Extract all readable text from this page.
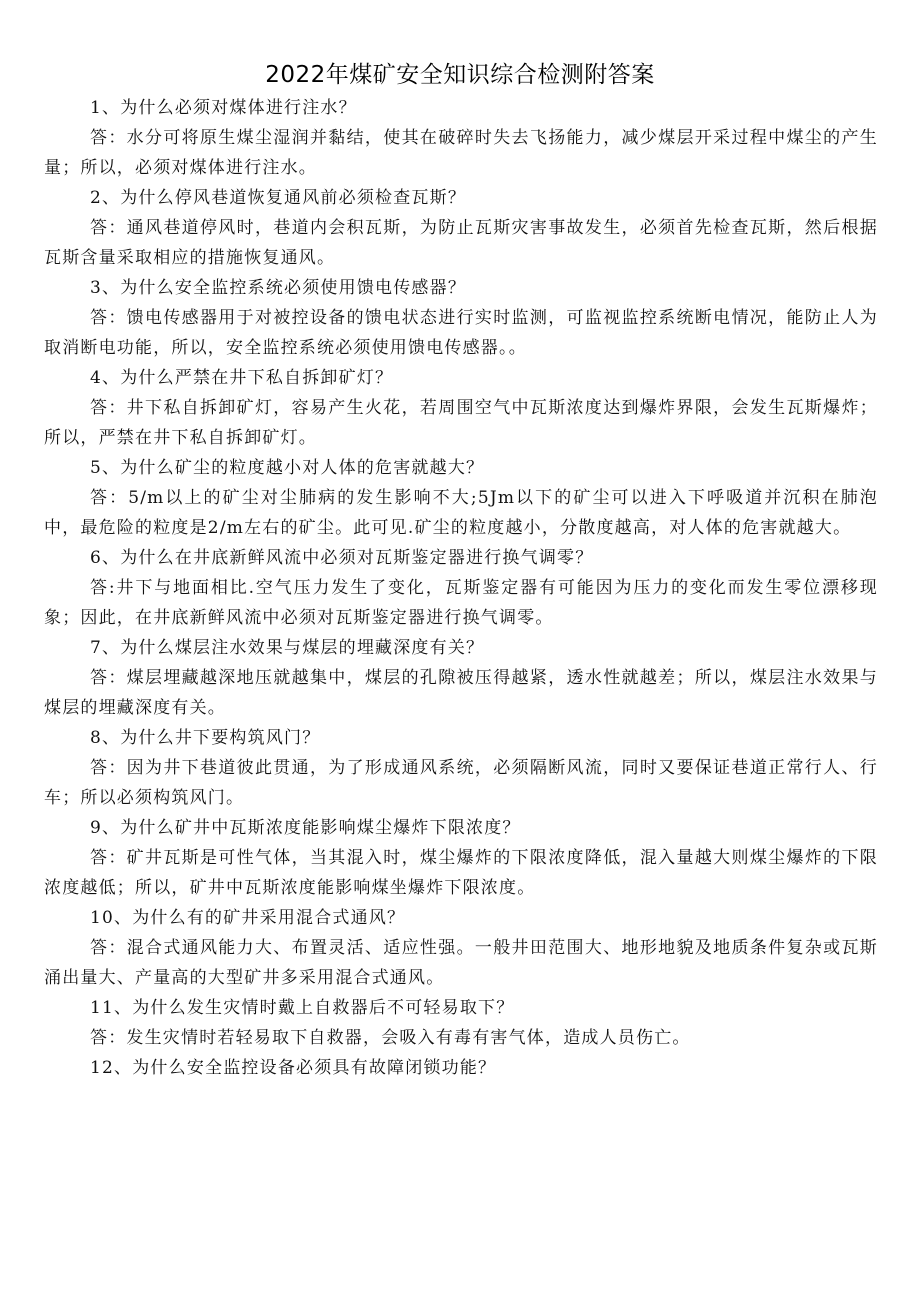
2022年煤矿安全知识综合检测附答案

1、为什么必须对煤体进行注水？

答：水分可将原生煤尘湿润并黏结，使其在破碎时失去飞扬能力，减少煤层开采过程中煤尘的产生量；所以，必须对煤体进行注水。

2、为什么停风巷道恢复通风前必须检查瓦斯？

答：通风巷道停风时，巷道内会积瓦斯，为防止瓦斯灾害事故发生，必须首先检查瓦斯，然后根据瓦斯含量采取相应的措施恢复通风。

3、为什么安全监控系统必须使用馈电传感器？

答：馈电传感器用于对被控设备的馈电状态进行实时监测，可监视监控系统断电情况，能防止人为取消断电功能，所以，安全监控系统必须使用馈电传感器。。

4、为什么严禁在井下私自拆卸矿灯？

答：井下私自拆卸矿灯，容易产生火花，若周围空气中瓦斯浓度达到爆炸界限，会发生瓦斯爆炸；所以，严禁在井下私自拆卸矿灯。

5、为什么矿尘的粒度越小对人体的危害就越大？

答：5/m以上的矿尘对尘肺病的发生影响不大;5Jm以下的矿尘可以进入下呼吸道并沉积在肺泡中，最危险的粒度是2/m左右的矿尘。此可见.矿尘的粒度越小，分散度越高，对人体的危害就越大。

6、为什么在井底新鲜风流中必须对瓦斯鉴定器进行换气调零？

答:井下与地面相比.空气压力发生了变化，瓦斯鉴定器有可能因为压力的变化而发生零位漂移现象；因此，在井底新鲜风流中必须对瓦斯鉴定器进行换气调零。

7、为什么煤层注水效果与煤层的埋藏深度有关？

答：煤层埋藏越深地压就越集中，煤层的孔隙被压得越紧，透水性就越差；所以，煤层注水效果与煤层的埋藏深度有关。

8、为什么井下要构筑风门？

答：因为井下巷道彼此贯通，为了形成通风系统，必须隔断风流，同时又要保证巷道正常行人、行车；所以必须构筑风门。

9、为什么矿井中瓦斯浓度能影响煤尘爆炸下限浓度？

答：矿井瓦斯是可性气体，当其混入时，煤尘爆炸的下限浓度降低，混入量越大则煤尘爆炸的下限浓度越低；所以，矿井中瓦斯浓度能影响煤坐爆炸下限浓度。

10、为什么有的矿井采用混合式通风？

答：混合式通风能力大、布置灵活、适应性强。一般井田范围大、地形地貌及地质条件复杂或瓦斯涌出量大、产量高的大型矿井多采用混合式通风。

11、为什么发生灾情时戴上自救器后不可轻易取下？

答：发生灾情时若轻易取下自救器，会吸入有毒有害气体，造成人员伤亡。

12、为什么安全监控设备必须具有故障闭锁功能？
